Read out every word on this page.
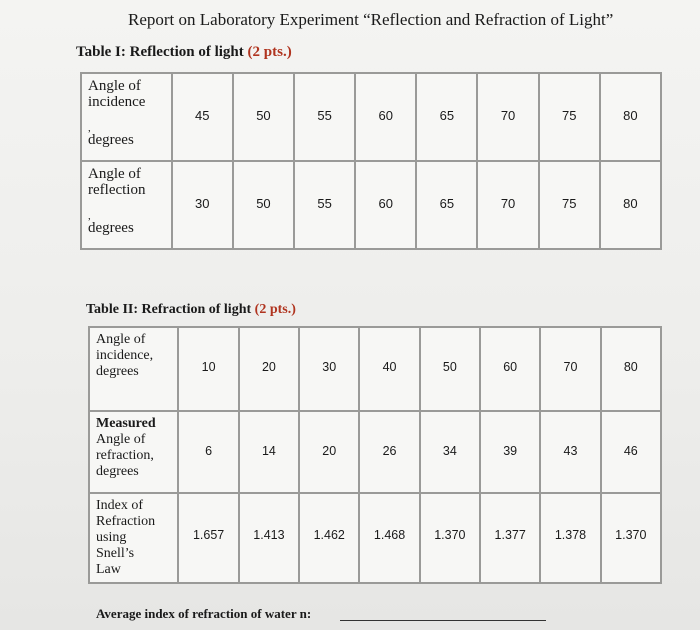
Report on Laboratory Experiment “Reflection and Refraction of Light”
Table I: Reflection of light (2 pts.)
Angle of
incidence
,
degrees	45	50	55	60	65	70	75	80

Angle of
reflection
,
degrees	30	50	55	60	65	70	75	80
Table II: Refraction of light (2 pts.)
Angle of
incidence,
degrees	10	20	30	40	50	60	70	80

Measured
Angle of
refraction,
degrees	6	14	20	26	34	39	43	46

Index of
Refraction
using
Snell’s
Law	1.657	1.413	1.462	1.468	1.370	1.377	1.378	1.370
Average index of refraction of water n:
